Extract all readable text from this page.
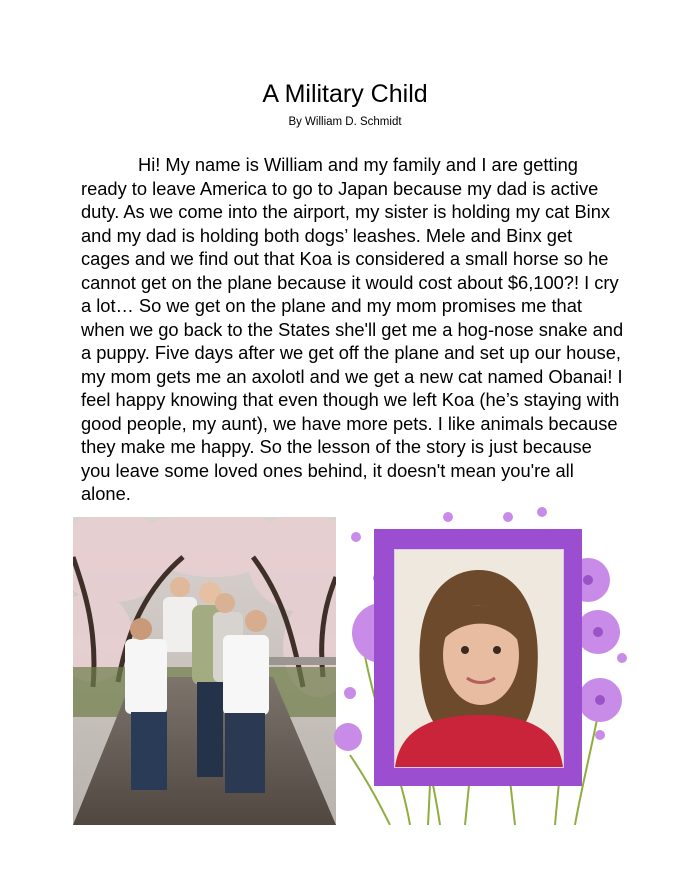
A Military Child
By William D. Schmidt

Hi! My name is William and my family and I are getting ready to leave America to go to Japan because my dad is active duty. As we come into the airport, my sister is holding my cat Binx and my dad is holding both dogs’ leashes. Mele and Binx get cages and we find out that Koa is considered a small horse so he cannot get on the plane because it would cost about $6,100?! I cry a lot… So we get on the plane and my mom promises me that when we go back to the States she'll get me a hog-nose snake and a puppy. Five days after we get off the plane and set up our house, my mom gets me an axolotl and we get a new cat named Obanai! I feel happy knowing that even though we left Koa (he’s staying with good people, my aunt), we have more pets. I like animals because they make me happy. So the lesson of the story is just because you leave some loved ones behind, it doesn't mean you're all alone.
